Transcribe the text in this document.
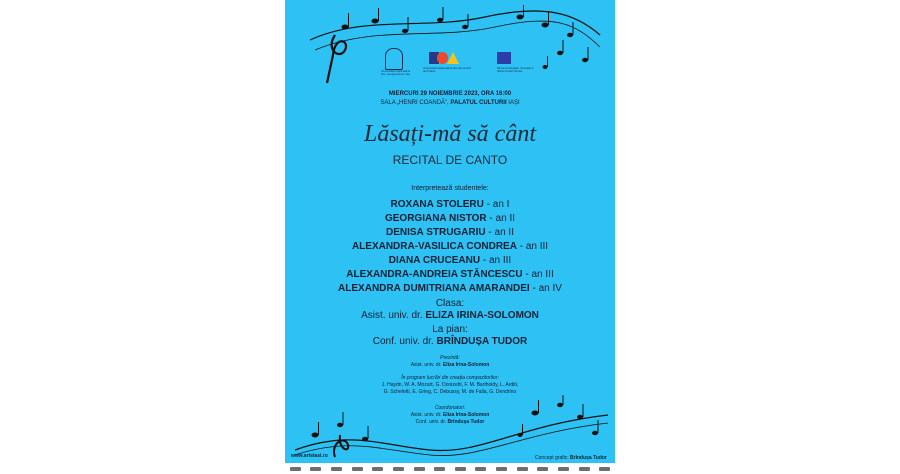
Universitatea Națională de Arte „George Enescu” Iași
Universitatea Națională de Arte Iași Centrul de Proiecte
Ministerul Educației, Cercetării și Științei Inovării Tehnice
MIERCURI 29 NOIEMBRIE 2023, ORA 16:00
SALA „HENRI COANDĂ”, PALATUL CULTURII IAȘI
Lăsați-mă să cânt
RECITAL DE CANTO
Interpretează studentele:
ROXANA STOLERU - an I
GEORGIANA NISTOR - an II
DENISA STRUGARIU - an II
ALEXANDRA-VASILICA CONDREA - an III
DIANA CRUCEANU - an III
ALEXANDRA-ANDREIA STĂNCESCU - an III
ALEXANDRA DUMITRIANA AMARANDEI - an IV
Clasa:
Asist. univ. dr. ELIZA IRINA-SOLOMON
La pian:
Conf. univ. dr. BRÎNDUȘA TUDOR
Prezintă:
Asist. univ. dr. Eliza Irina-Solomon
În program lucrări din creația compozitorilor:
J. Haydn, W. A. Mozart, G. Donizetti, F. M. Bartholdy, L. Arditi,
G. Scheletti, E. Grieg, C. Debussy, M. de Falla, G. Dendrino
Coordonatori:
Asist. univ. dr. Eliza Irina-Solomon
Conf. univ. dr. Brîndușa Tudor
www.arteiasi.ro	Concept grafic: Brîndușa Tudor
